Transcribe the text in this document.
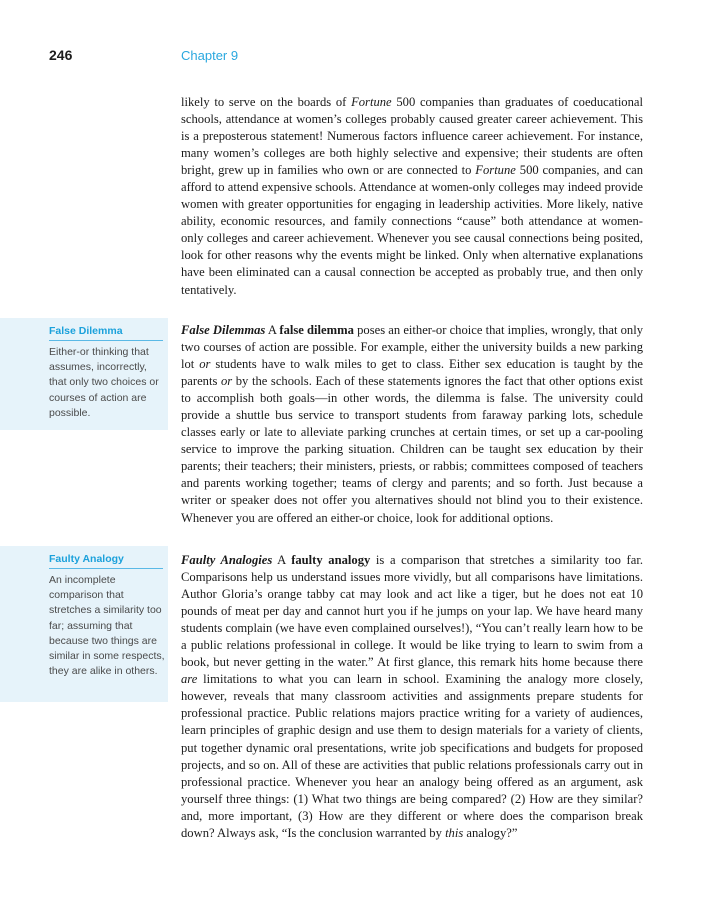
246	Chapter 9

likely to serve on the boards of Fortune 500 companies than graduates of coeducational schools, attendance at women’s colleges probably caused greater career achievement. This is a preposterous statement! Numerous factors influence career achievement. For instance, many women’s colleges are both highly selective and expensive; their students are often bright, grew up in families who own or are connected to Fortune 500 companies, and can afford to attend expensive schools. Attendance at women-only colleges may indeed provide women with greater opportunities for engaging in leadership activities. More likely, native ability, economic resources, and family connections “cause” both attendance at women-only colleges and career achievement. Whenever you see causal connections being posited, look for other reasons why the events might be linked. Only when alternative explanations have been eliminated can a causal connection be accepted as probably true, and then only tentatively.

False Dilemma
Either-or thinking that assumes, incorrectly, that only two choices or courses of action are possible.

False Dilemmas A false dilemma poses an either-or choice that implies, wrongly, that only two courses of action are possible. For example, either the university builds a new parking lot or students have to walk miles to get to class. Either sex education is taught by the parents or by the schools. Each of these statements ignores the fact that other options exist to accomplish both goals—in other words, the dilemma is false. The university could provide a shuttle bus service to transport students from faraway parking lots, schedule classes early or late to alleviate parking crunches at certain times, or set up a car-pooling service to improve the parking situation. Children can be taught sex education by their parents; their teachers; their ministers, priests, or rabbis; committees composed of teachers and parents working together; teams of clergy and parents; and so forth. Just because a writer or speaker does not offer you alternatives should not blind you to their existence. Whenever you are offered an either-or choice, look for additional options.

Faulty Analogy
An incomplete comparison that stretches a similarity too far; assuming that because two things are similar in some respects, they are alike in others.

Faulty Analogies A faulty analogy is a comparison that stretches a similarity too far. Comparisons help us understand issues more vividly, but all comparisons have limitations. Author Gloria’s orange tabby cat may look and act like a tiger, but he does not eat 10 pounds of meat per day and cannot hurt you if he jumps on your lap. We have heard many students complain (we have even complained ourselves!), “You can’t really learn how to be a public relations professional in college. It would be like trying to learn to swim from a book, but never getting in the water.” At first glance, this remark hits home because there are limitations to what you can learn in school. Examining the analogy more closely, however, reveals that many classroom activities and assignments prepare students for professional practice. Public relations majors practice writing for a variety of audiences, learn principles of graphic design and use them to design materials for a variety of clients, put together dynamic oral presentations, write job specifications and budgets for proposed projects, and so on. All of these are activities that public relations professionals carry out in professional practice. Whenever you hear an analogy being offered as an argument, ask yourself three things: (1) What two things are being compared? (2) How are they similar? and, more important, (3) How are they different or where does the comparison break down? Always ask, “Is the conclusion warranted by this analogy?”
